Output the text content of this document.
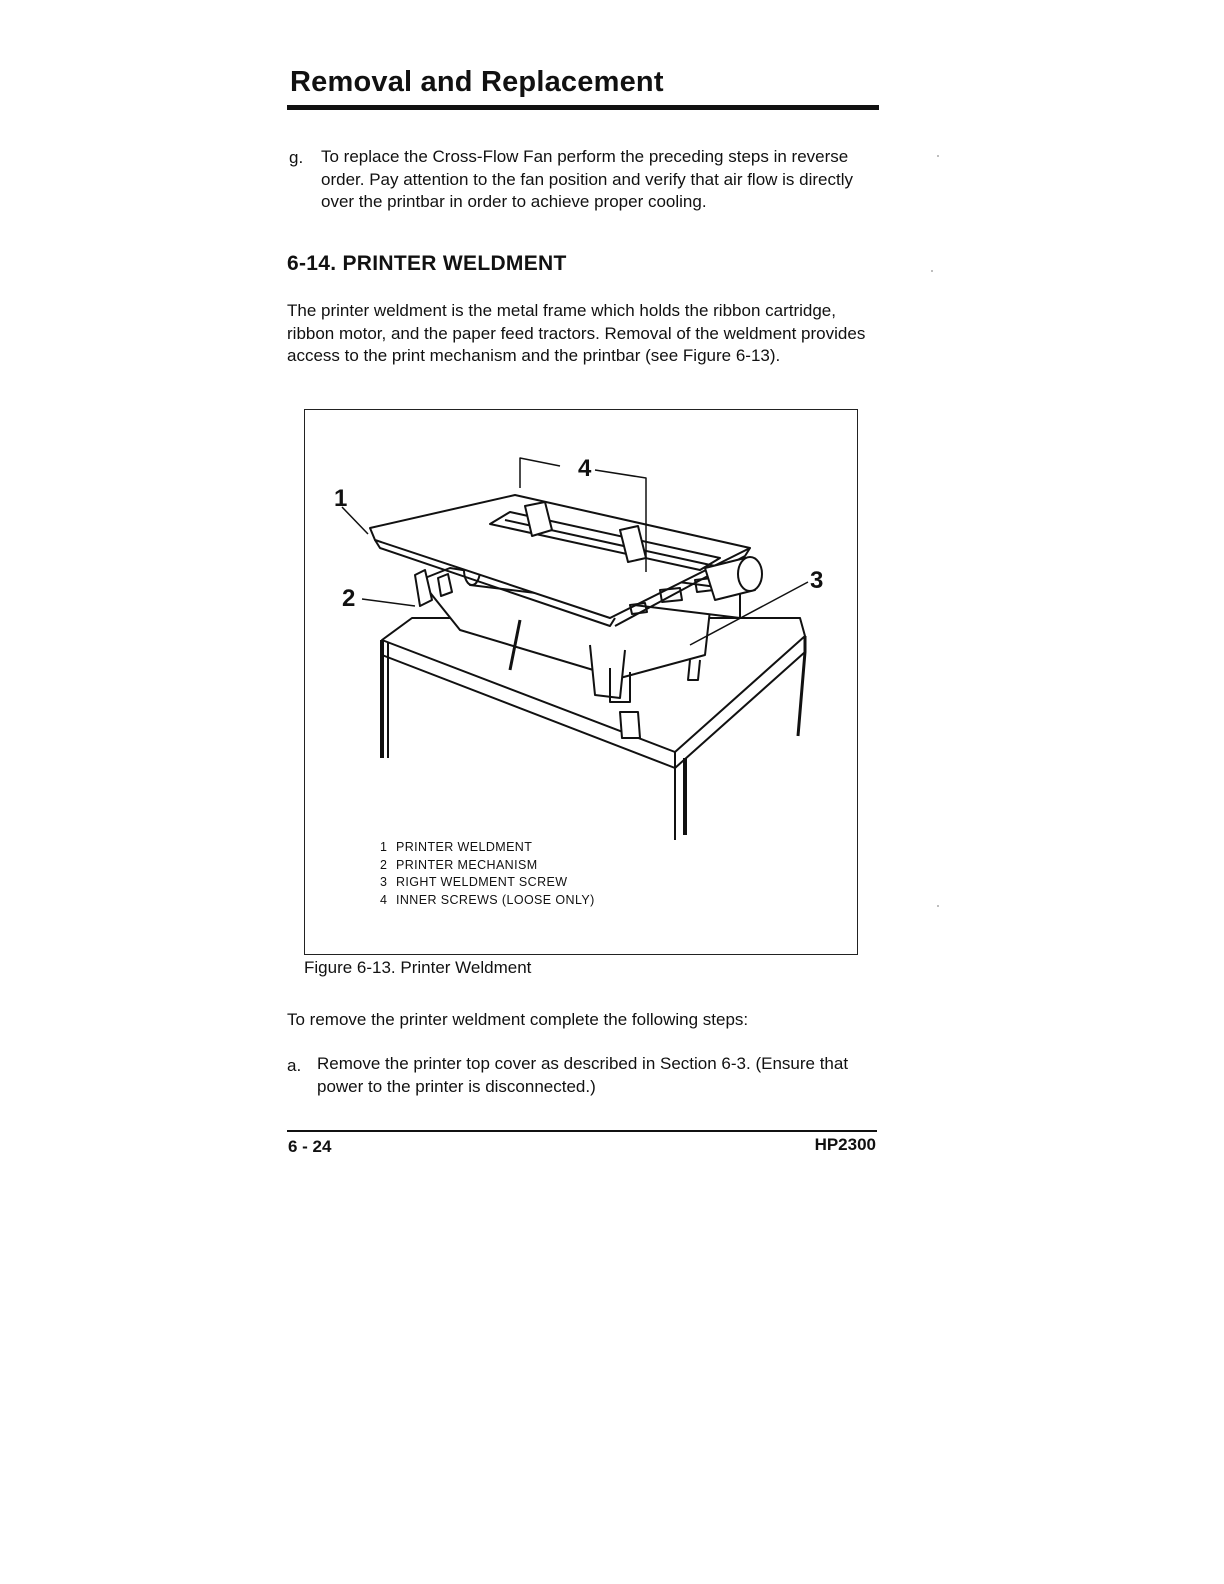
Removal and Replacement
g. To replace the Cross-Flow Fan perform the preceding steps in reverse order. Pay attention to the fan position and verify that air flow is directly over the printbar in order to achieve proper cooling.
6-14. PRINTER WELDMENT
The printer weldment is the metal frame which holds the ribbon cartridge, ribbon motor, and the paper feed tractors. Removal of the weldment provides access to the print mechanism and the printbar (see Figure 6-13).
1
2
3
4
1 PRINTER WELDMENT
2 PRINTER MECHANISM
3 RIGHT WELDMENT SCREW
4 INNER SCREWS (LOOSE ONLY)
Figure 6-13. Printer Weldment
To remove the printer weldment complete the following steps:
a. Remove the printer top cover as described in Section 6-3. (Ensure that power to the printer is disconnected.)
6 - 24	HP2300
